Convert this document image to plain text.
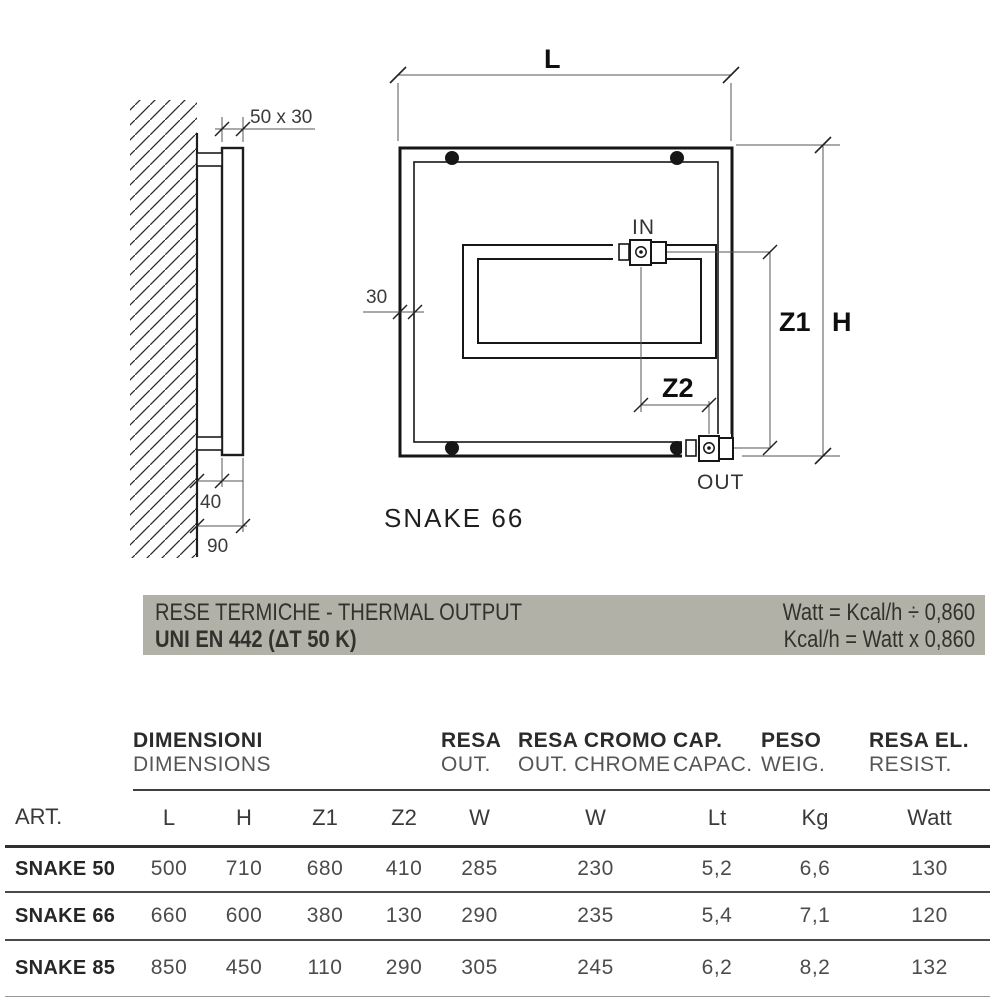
50 x 30
40
90
L
30
Z2
IN
OUT
Z1 H
SNAKE 66
RESE TERMICHE - THERMAL OUTPUT
UNI EN 442 (ΔT 50 K)
Watt = Kcal/h ÷ 0,860
Kcal/h = Watt x 0,860

DIMENSIONI
DIMENSIONS

RESA
OUT.

RESA CROMO
OUT. CHROME

CAP.
CAPAC.

PESO
WEIG.

RESA EL.
RESIST.

ART.	L	H	Z1	Z2	W	W	Lt	Kg	Watt
SNAKE 50	500	710	680	410	285	230	5,2	6,6	130
SNAKE 66	660	600	380	130	290	235	5,4	7,1	120
SNAKE 85	850	450	110	290	305	245	6,2	8,2	132
